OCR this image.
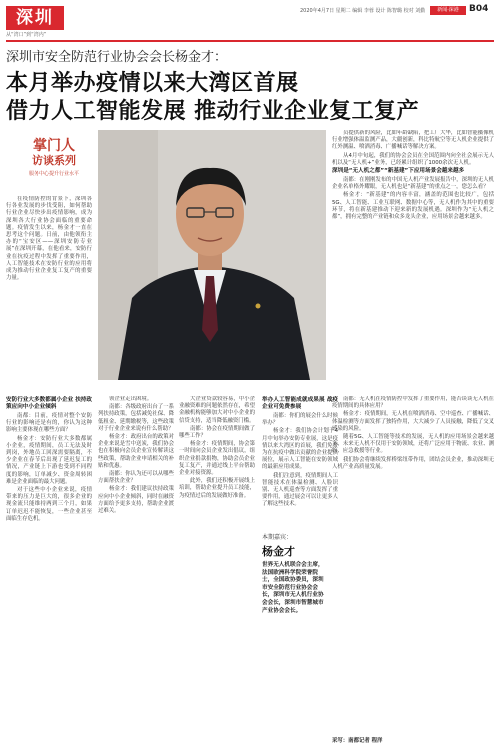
深圳
从“湾口”到“湾内”
2020年4月7日 星期二 编辑 李蓉 设计 陈智璐 校对 刘勤	新闻·深港	B04
深圳市安全防范行业协会会长杨金才：
本月举办疫情以来大湾区首展
借力人工智能发展 推动行业企业复工复产
掌门人
访谈系列
服务中心提升行业水平

在疫情防控的背景下，深圳各行各业发展的步伐受阻，如何帮助行业企业尽快步出疫情影响，成为深圳各大行业协会面临的重要命题。疫情发生以来，杨金才一直在思考这个问题。日前，由他领衔主办的“宝安区——深圳安防专业展”在深圳开幕，在他看来，安防行业在抗疫过程中发挥了重要作用，人工智能技术在安防行业的应用将成为推动行业企业复工复产的重要力量。

员提供新的风险，比如年龄缺陷，把工厂大华，比如智能摄像机行业增强体温监测产品，大疆创新，科比特航空等无人机企业提供了红外测温、喷洒消毒、广播喊话等解决方案。

从4月中旬起，我们的协会会员在全国范围内向全社会展示无人机以及“无人机+”业务，已经累计组织了1000余次无人机。

深圳是“无人机之都”“新基建”下应用场景会越来越多

南都：在刚刚发布的中国无人机产业发展报告中，深圳的无人机企业名单格外耀眼，无人机也是“新基建”的重点之一，您怎么看？

杨金才：“新基建”的内容丰富，涵盖的范围也比较广，包括5G、人工智能、工业互联网、数据中心等，无人机作为其中的重要环节，将在新基建推动下迎来新的发展机遇。深圳作为“无人机之都”，拥有完整的产业链和众多龙头企业，应用场景会越来越多。

安防行业大多数都属小企业 扶持政策应向中小企业倾斜

南都：目前，疫情对整个安防行业的影响还是有的，你认为这种影响主要体现在哪些方面？

杨金才：安防行业大多数都属小企业，疫情期间，员工无法及时到岗，外地员工回深需要隔离，不少企业在春节后出现了延迟复工的情况，产业链上下游也受到不同程度的影响，订单减少、资金周转困难是企业面临的最大问题。

对于这些中小企业来说，疫情带来的压力是巨大的，很多企业的现金流只能维持两到三个月，如果订单迟迟不能恢复，一些企业甚至面临生存危机。

领企业走出困境。

南都：各级政府出台了一系列扶持政策，包括减免社保、降低租金、延期缴税等，这些政策对于行业企业来说有什么帮助？

杨金才：政府出台的政策对企业来说是雪中送炭，我们协会也在积极向会员企业宣传解读这些政策，帮助企业申请相关的补贴和优惠。

南都：你认为还可以从哪些方面帮扶企业？

杨金才：我们建议扶持政策应向中小企业倾斜，同时在融资方面给予更多支持，帮助企业渡过难关。

大企业贷款较容易，中小企业融资难的问题依然存在，希望金融机构能够加大对中小企业的信贷支持，适当降低融资门槛。

南都：协会在疫情期间做了哪些工作？

杨金才：疫情期间，协会第一时间向会员企业发出倡议，组织企业捐款捐物，协助会员企业复工复产，并通过线上平台帮助企业对接资源。

此外，我们还积极开展线上培训，帮助企业提升员工技能，为疫情过后的发展做好准备。

举办人工智能成就成果展 战疫企业可免费参展

南都：你们的展会什么时候举办？

杨金才：我们协会计划于4月中旬举办安防专业展，这是疫情以来大湾区的首展，我们免费为在抗疫中做出贡献的企业提供展位，展示人工智能在安防领域的最新应用成果。

我们注意到，疫情期间人工智能技术在体温检测、人脸识别、无人机巡查等方面发挥了重要作用，通过展会可以让更多人了解这些技术。

本期嘉宾：
杨金才
世界无人机联合会主席，法国欧洲科学院荣誉院士，全国政协委员，深圳市安全防范行业协会会长，深圳市无人机行业协会会长，深圳市智慧城市产业协会会长。

南都：无人机在疫情防控中发挥了重要作用，能否谈谈无人机在疫情期间的具体应用？

杨金才：疫情期间，无人机在喷洒消毒、空中巡查、广播喊话、体温检测等方面发挥了独特作用，大大减少了人员接触，降低了交叉感染的风险。

随着5G、人工智能等技术的发展，无人机的应用场景会越来越多，未来无人机不仅用于安防领域，还将广泛应用于物流、农业、测绘、应急救援等行业。

我们协会将继续发挥桥梁纽带作用，团结会员企业，推动深圳无人机产业高质量发展。

采写：南都记者 程洋
